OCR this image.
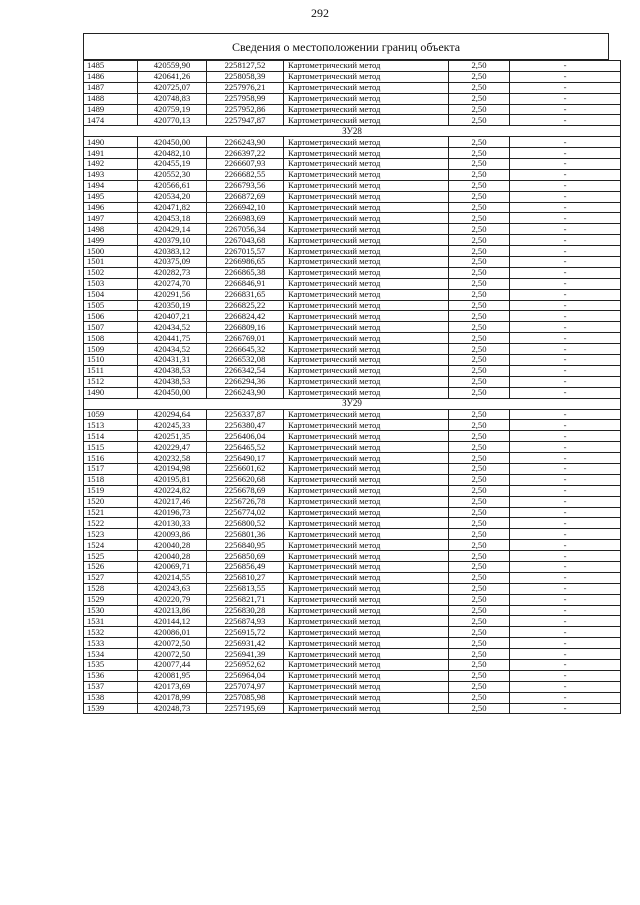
292
Сведения о местоположении границ объекта
1485	420559,90	2258127,52	Картометрический метод	2,50	-
1486	420641,26	2258058,39	Картометрический метод	2,50	-
1487	420725,07	2257976,21	Картометрический метод	2,50	-
1488	420748,83	2257958,99	Картометрический метод	2,50	-
1489	420759,19	2257952,86	Картометрический метод	2,50	-
1474	420770,13	2257947,87	Картометрический метод	2,50	-
ЗУ28					
1490	420450,00	2266243,90	Картометрический метод	2,50	-
1491	420482,10	2266397,22	Картометрический метод	2,50	-
1492	420455,19	2266607,93	Картометрический метод	2,50	-
1493	420552,30	2266682,55	Картометрический метод	2,50	-
1494	420566,61	2266793,56	Картометрический метод	2,50	-
1495	420534,20	2266872,69	Картометрический метод	2,50	-
1496	420471,82	2266942,10	Картометрический метод	2,50	-
1497	420453,18	2266983,69	Картометрический метод	2,50	-
1498	420429,14	2267056,34	Картометрический метод	2,50	-
1499	420379,10	2267043,68	Картометрический метод	2,50	-
1500	420383,12	2267015,57	Картометрический метод	2,50	-
1501	420375,09	2266986,65	Картометрический метод	2,50	-
1502	420282,73	2266865,38	Картометрический метод	2,50	-
1503	420274,70	2266846,91	Картометрический метод	2,50	-
1504	420291,56	2266831,65	Картометрический метод	2,50	-
1505	420350,19	2266825,22	Картометрический метод	2,50	-
1506	420407,21	2266824,42	Картометрический метод	2,50	-
1507	420434,52	2266809,16	Картометрический метод	2,50	-
1508	420441,75	2266769,01	Картометрический метод	2,50	-
1509	420434,52	2266645,32	Картометрический метод	2,50	-
1510	420431,31	2266532,08	Картометрический метод	2,50	-
1511	420438,53	2266342,54	Картометрический метод	2,50	-
1512	420438,53	2266294,36	Картометрический метод	2,50	-
1490	420450,00	2266243,90	Картометрический метод	2,50	-
ЗУ29					
1059	420294,64	2256337,87	Картометрический метод	2,50	-
1513	420245,33	2256380,47	Картометрический метод	2,50	-
1514	420251,35	2256406,04	Картометрический метод	2,50	-
1515	420229,47	2256465,52	Картометрический метод	2,50	-
1516	420232,58	2256490,17	Картометрический метод	2,50	-
1517	420194,98	2256601,62	Картометрический метод	2,50	-
1518	420195,81	2256620,68	Картометрический метод	2,50	-
1519	420224,82	2256678,69	Картометрический метод	2,50	-
1520	420217,46	2256726,78	Картометрический метод	2,50	-
1521	420196,73	2256774,02	Картометрический метод	2,50	-
1522	420130,33	2256800,52	Картометрический метод	2,50	-
1523	420093,86	2256801,36	Картометрический метод	2,50	-
1524	420040,28	2256840,95	Картометрический метод	2,50	-
1525	420040,28	2256850,69	Картометрический метод	2,50	-
1526	420069,71	2256856,49	Картометрический метод	2,50	-
1527	420214,55	2256810,27	Картометрический метод	2,50	-
1528	420243,63	2256813,55	Картометрический метод	2,50	-
1529	420220,79	2256821,71	Картометрический метод	2,50	-
1530	420213,86	2256830,28	Картометрический метод	2,50	-
1531	420144,12	2256874,93	Картометрический метод	2,50	-
1532	420086,01	2256915,72	Картометрический метод	2,50	-
1533	420072,50	2256931,42	Картометрический метод	2,50	-
1534	420072,50	2256941,39	Картометрический метод	2,50	-
1535	420077,44	2256952,62	Картометрический метод	2,50	-
1536	420081,95	2256964,04	Картометрический метод	2,50	-
1537	420173,69	2257074,97	Картометрический метод	2,50	-
1538	420178,99	2257085,98	Картометрический метод	2,50	-
1539	420248,73	2257195,69	Картометрический метод	2,50	-
